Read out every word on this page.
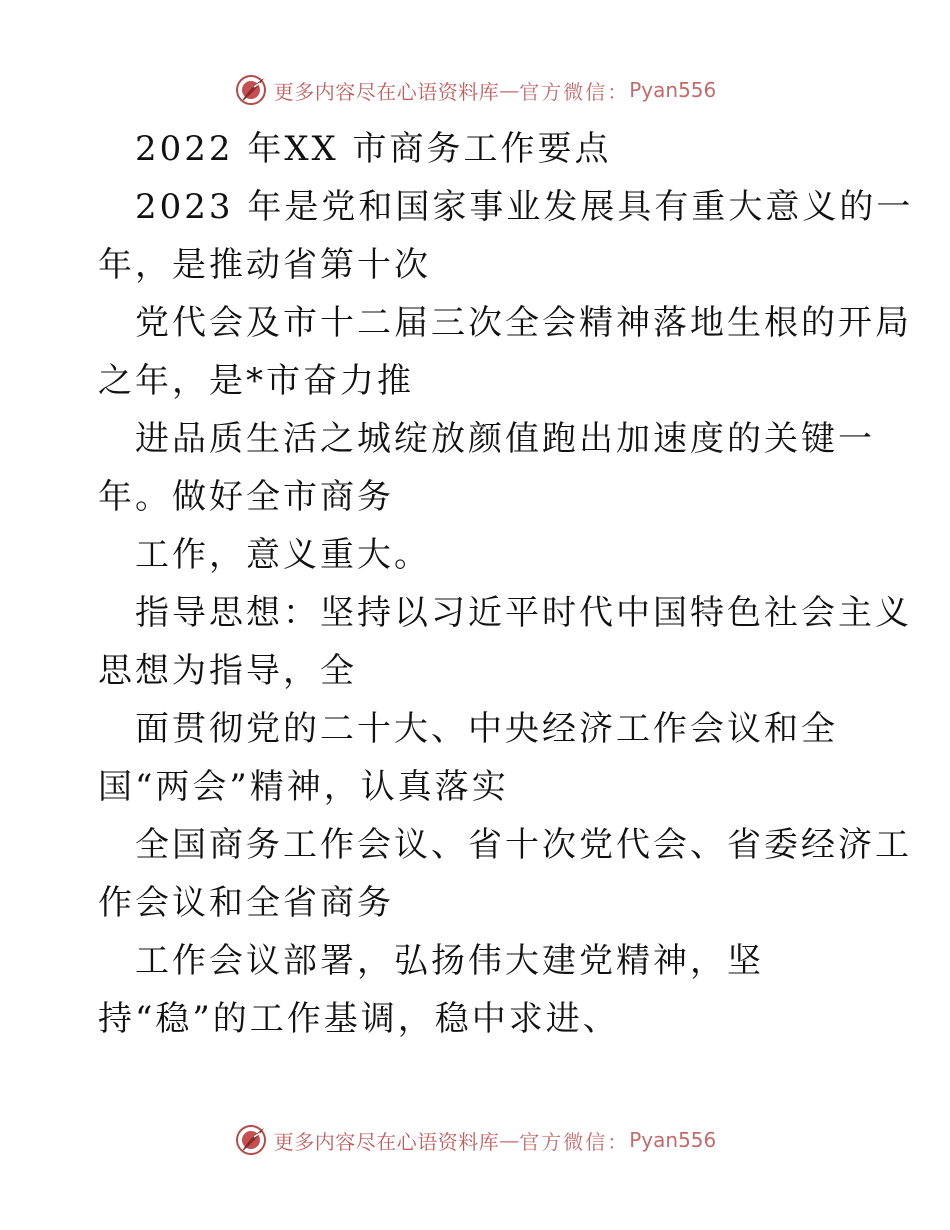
更多内容尽在心语资料库 — 官方微信： Pyan556
2022 年XX 市商务工作要点
2023 年是党和国家事业发展具有重大意义的一
年，是推动省第十次
党代会及市十二届三次全会精神落地生根的开局
之年，是*市奋力推
进品质生活之城绽放颜值跑出加速度的关键一
年。做好全市商务
工作，意义重大。
指导思想：坚持以习近平时代中国特色社会主义
思想为指导，全
面贯彻党的二十大、中央经济工作会议和全
国“两会”精神，认真落实
全国商务工作会议、省十次党代会、省委经济工
作会议和全省商务
工作会议部署，弘扬伟大建党精神，坚
持“稳”的工作基调，稳中求进、
更多内容尽在心语资料库 — 官方微信： Pyan556
